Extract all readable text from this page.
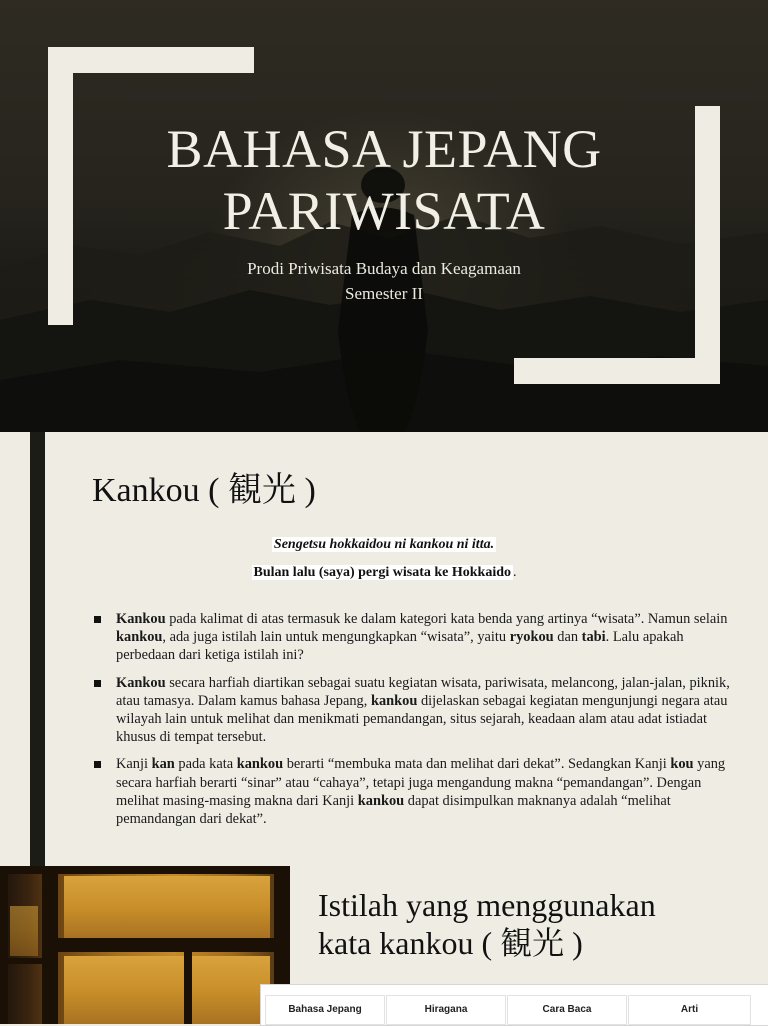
BAHASA JEPANG
PARIWISATA
Prodi Priwisata Budaya dan Keagamaan
Semester II
Kankou ( 観光 )
Sengetsu hokkaidou ni kankou ni itta.
Bulan lalu (saya) pergi wisata ke Hokkaido .
Kankou pada kalimat di atas termasuk ke dalam kategori kata benda yang artinya “wisata”. Namun selain kankou, ada juga istilah lain untuk mengungkapkan “wisata”, yaitu ryokou dan tabi. Lalu apakah perbedaan dari ketiga istilah ini?
Kankou secara harfiah diartikan sebagai suatu kegiatan wisata, pariwisata, melancong, jalan-jalan, piknik, atau tamasya. Dalam kamus bahasa Jepang, kankou dijelaskan sebagai kegiatan mengunjungi negara atau wilayah lain untuk melihat dan menikmati pemandangan, situs sejarah, keadaan alam atau adat istiadat khusus di tempat tersebut.
Kanji kan pada kata kankou berarti “membuka mata dan melihat dari dekat”. Sedangkan Kanji kou yang secara harfiah berarti “sinar” atau “cahaya”, tetapi juga mengandung makna “pemandangan”. Dengan melihat masing-masing makna dari Kanji kankou dapat disimpulkan maknanya adalah “melihat pemandangan dari dekat”.
Istilah yang menggunakan
kata kankou ( 観光 )
Bahasa Jepang	Hiragana	Cara Baca	Arti
